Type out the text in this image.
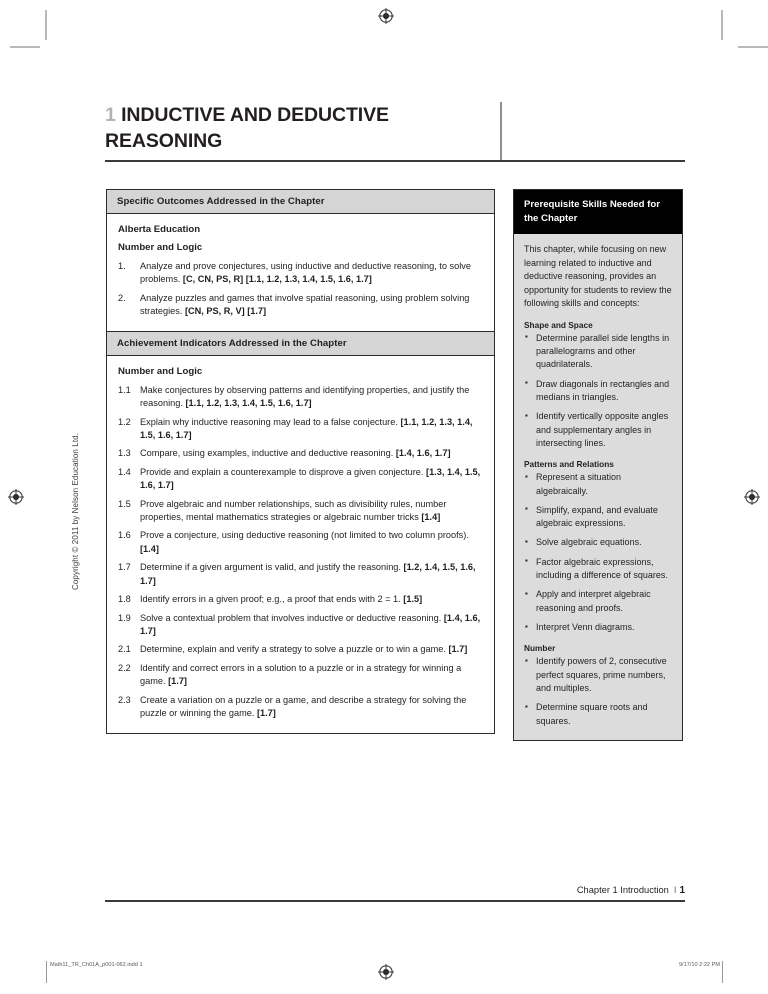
1 INDUCTIVE AND DEDUCTIVE REASONING
Specific Outcomes Addressed in the Chapter
Alberta Education
Number and Logic
1. Analyze and prove conjectures, using inductive and deductive reasoning, to solve problems. [C, CN, PS, R] [1.1, 1.2, 1.3, 1.4, 1.5, 1.6, 1.7]
2. Analyze puzzles and games that involve spatial reasoning, using problem solving strategies. [CN, PS, R, V] [1.7]
Achievement Indicators Addressed in the Chapter
Number and Logic
1.1 Make conjectures by observing patterns and identifying properties, and justify the reasoning. [1.1, 1.2, 1.3, 1.4, 1.5, 1.6, 1.7]
1.2 Explain why inductive reasoning may lead to a false conjecture. [1.1, 1.2, 1.3, 1.4, 1.5, 1.6, 1.7]
1.3 Compare, using examples, inductive and deductive reasoning. [1.4, 1.6, 1.7]
1.4 Provide and explain a counterexample to disprove a given conjecture. [1.3, 1.4, 1.5, 1.6, 1.7]
1.5 Prove algebraic and number relationships, such as divisibility rules, number properties, mental mathematics strategies or algebraic number tricks [1.4]
1.6 Prove a conjecture, using deductive reasoning (not limited to two column proofs). [1.4]
1.7 Determine if a given argument is valid, and justify the reasoning. [1.2, 1.4, 1.5, 1.6, 1.7]
1.8 Identify errors in a given proof; e.g., a proof that ends with 2 = 1. [1.5]
1.9 Solve a contextual problem that involves inductive or deductive reasoning. [1.4, 1.6, 1.7]
2.1 Determine, explain and verify a strategy to solve a puzzle or to win a game. [1.7]
2.2 Identify and correct errors in a solution to a puzzle or in a strategy for winning a game. [1.7]
2.3 Create a variation on a puzzle or a game, and describe a strategy for solving the puzzle or winning the game. [1.7]
Prerequisite Skills Needed for the Chapter

This chapter, while focusing on new learning related to inductive and deductive reasoning, provides an opportunity for students to review the following skills and concepts:

Shape and Space
▪ Determine parallel side lengths in parallelograms and other quadrilaterals.
▪ Draw diagonals in rectangles and medians in triangles.
▪ Identify vertically opposite angles and supplementary angles in intersecting lines.
Patterns and Relations
▪ Represent a situation algebraically.
▪ Simplify, expand, and evaluate algebraic expressions.
▪ Solve algebraic equations.
▪ Factor algebraic expressions, including a difference of squares.
▪ Apply and interpret algebraic reasoning and proofs.
▪ Interpret Venn diagrams.
Number
▪ Identify powers of 2, consecutive perfect squares, prime numbers, and multiples.
▪ Determine square roots and squares.
Copyright © 2011 by Nelson Education Ltd.
Chapter 1 Introduction I 1
Math11_TR_Ch01A_p001-062.indd 1	9/17/10 2:22 PM
